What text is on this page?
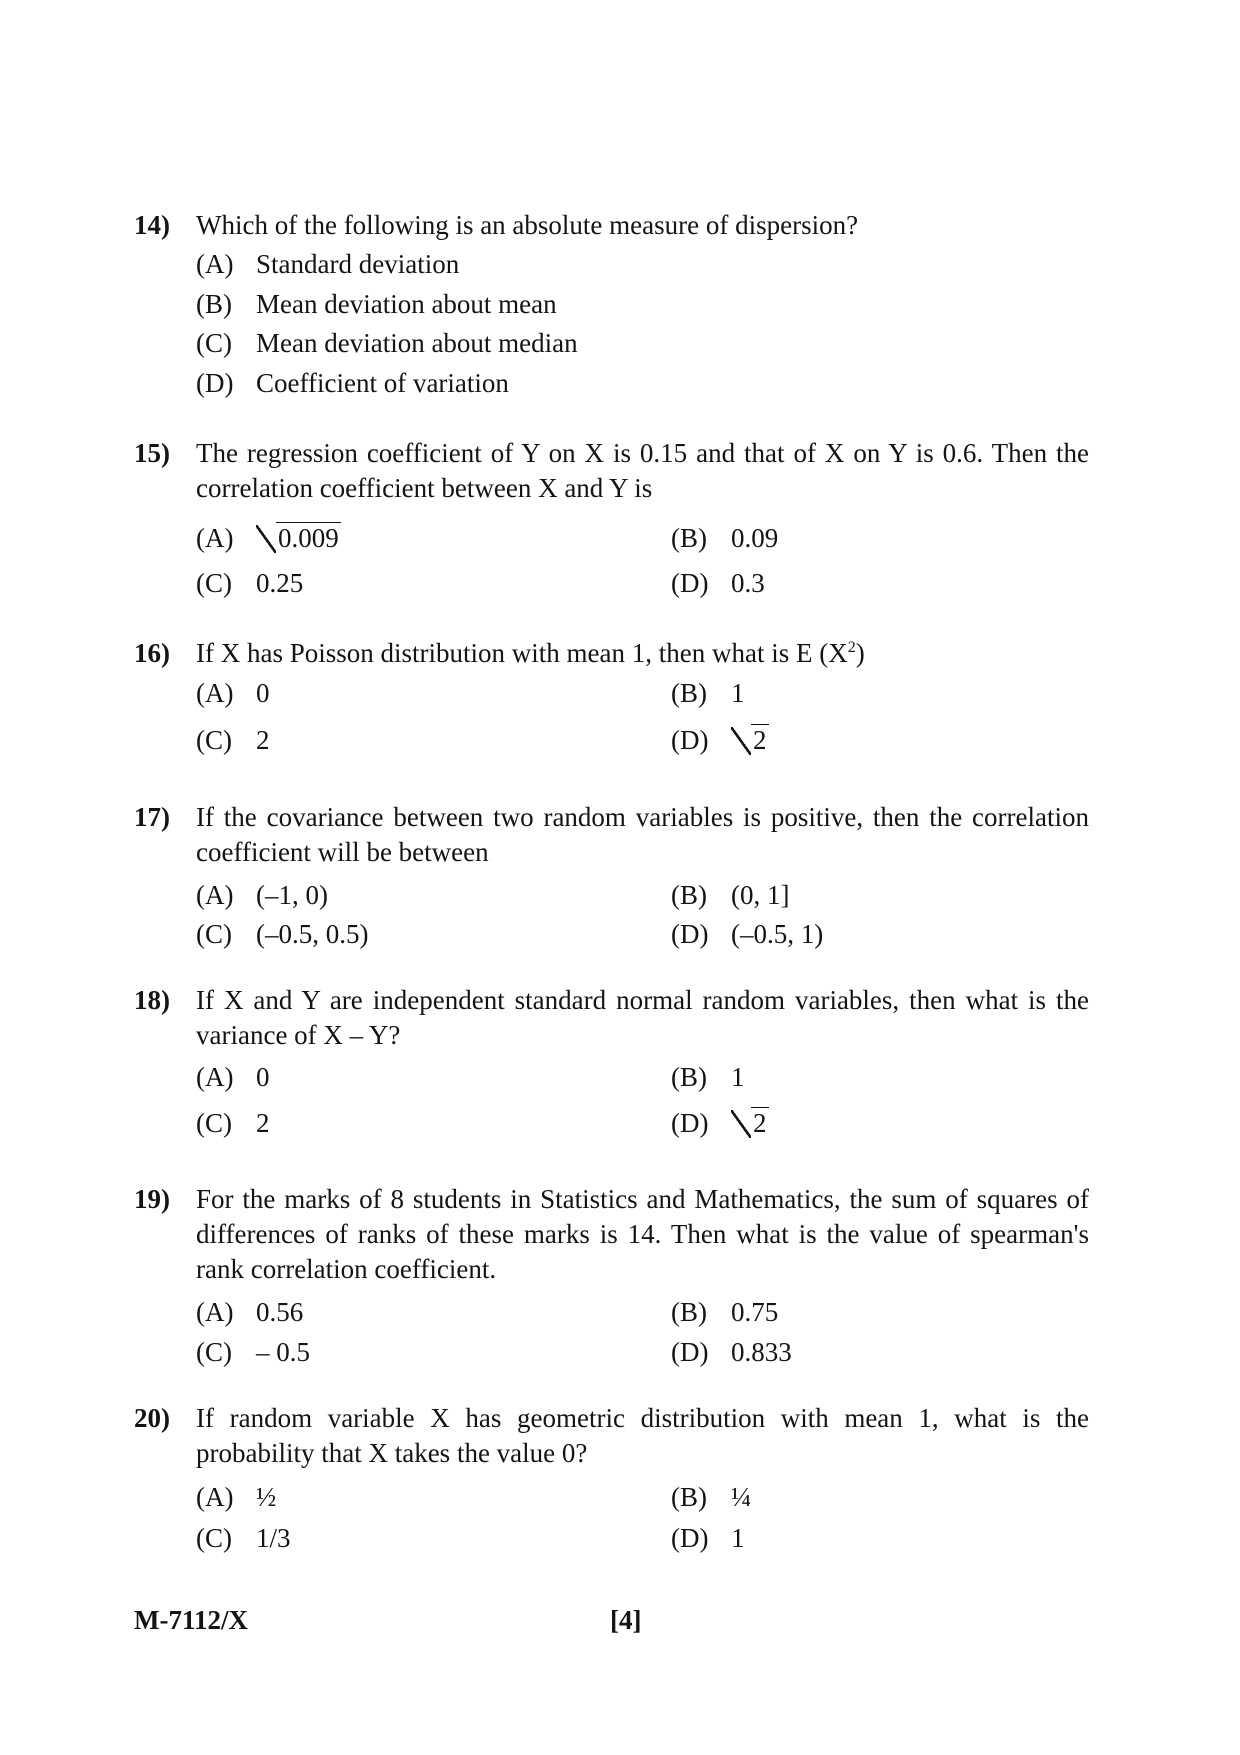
14) Which of the following is an absolute measure of dispersion?
(A) Standard deviation
(B) Mean deviation about mean
(C) Mean deviation about median
(D) Coefficient of variation
15) The regression coefficient of Y on X is 0.15 and that of X on Y is 0.6. Then the correlation coefficient between X and Y is
(A) 0.009	(B) 0.09
(C) 0.25	(D) 0.3
16) If X has Poisson distribution with mean 1, then what is E $(X^2)$
(A) 0	(B) 1
(C) 2	(D) 2
17) If the covariance between two random variables is positive, then the correlation coefficient will be between
(A) (–1, 0)	(B) (0, 1]
(C) (–0.5, 0.5)	(D) (–0.5, 1)
18) If X and Y are independent standard normal random variables, then what is the variance of X – Y?
(A) 0	(B) 1
(C) 2	(D) 2
19) For the marks of 8 students in Statistics and Mathematics, the sum of squares of differences of ranks of these marks is 14. Then what is the value of spearman's rank correlation coefficient.
(A) 0.56	(B) 0.75
(C) – 0.5	(D) 0.833
20) If random variable X has geometric distribution with mean 1, what is the probability that X takes the value 0?
(A) ½	(B) ¼
(C) 1/3	(D) 1
M-7112/X	[4]
